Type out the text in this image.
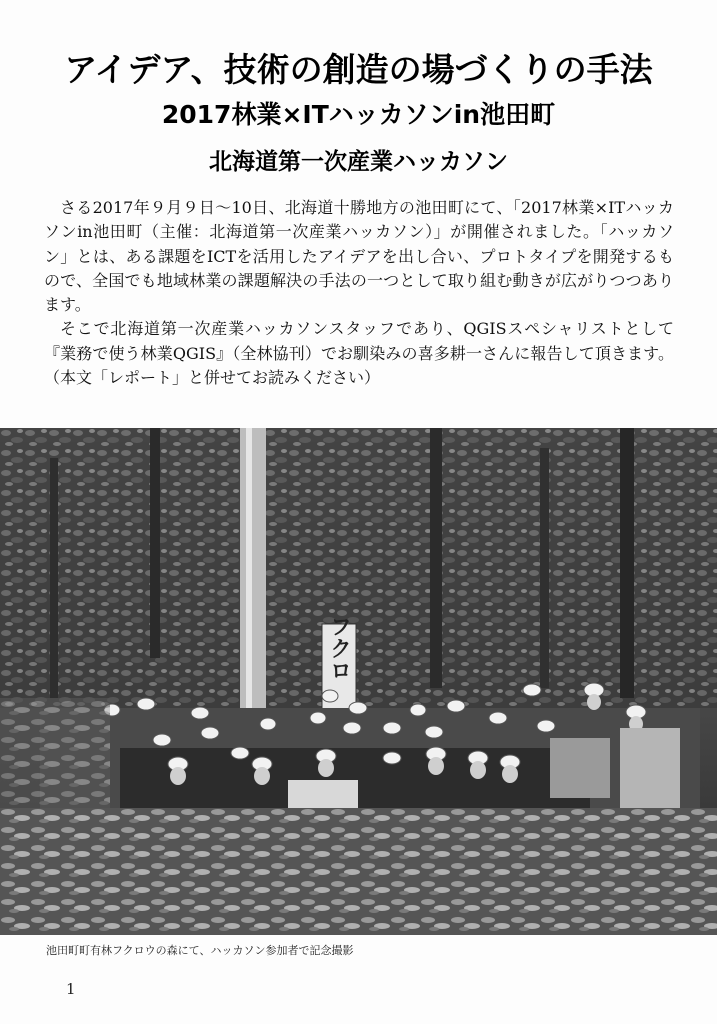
アイデア、技術の創造の場づくりの手法
2017林業×ITハッカソンin池田町
北海道第一次産業ハッカソン

さる2017年９月９日～10日、北海道十勝地方の池田町にて、「2017林業×ITハッカソンin池田町（主催：北海道第一次産業ハッカソン）」が開催されました。「ハッカソン」とは、ある課題をICTを活用したアイデアを出し合い、プロトタイプを開発するもので、全国でも地域林業の課題解決の手法の一つとして取り組む動きが広がりつつあります。

そこで北海道第一次産業ハッカソンスタッフであり、QGISスペシャリストとして『業務で使う林業QGIS』（全林協刊）でお馴染みの喜多耕一さんに報告して頂きます。（本文「レポート」と併せてお読みください）

フクロ
池田町町有林フクロウの森にて、ハッカソン参加者で記念撮影
1
